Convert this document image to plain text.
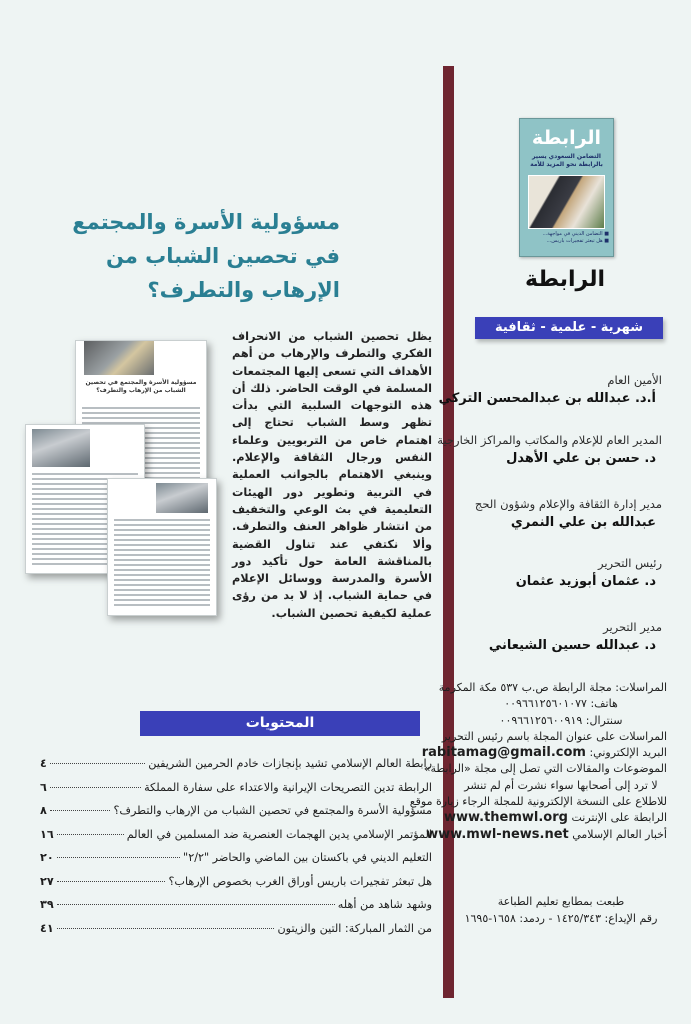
مسؤولية الأسرة والمجتمع
في تحصين الشباب من
الإرهاب والتطرف؟
يظل تحصين الشباب من الانحراف الفكري والتطرف والإرهاب من أهم الأهداف التي تسعى إليها المجتمعات المسلمة في الوقت الحاضر. ذلك أن هذه التوجهات السلبية التي بدأت تظهر وسط الشباب تحتاج إلى اهتمام خاص من التربويين وعلماء النفس ورجال الثقافة والإعلام. وينبغي الاهتمام بالجوانب العملية في التربية وتطوير دور الهيئات التعليمية في بث الوعي والتخفيف من انتشار ظواهر العنف والتطرف. وألا نكتفي عند تناول القضية بالمناقشة العامة حول تأكيد دور الأسرة والمدرسة ووسائل الإعلام في حماية الشباب. إذ لا بد من رؤى عملية لكيفية تحصين الشباب.
مسؤولية الأسرة والمجتمع في تحصين الشباب من الإرهاب والتطرف؟
المحتويات
رابطة العالم الإسلامي تشيد بإنجازات خادم الحرمين الشريفين
٤
الرابطة تدين التصريحات الإيرانية والاعتداء على سفارة المملكة
٦
مسؤولية الأسرة والمجتمع في تحصين الشباب من الإرهاب والتطرف؟
٨
المؤتمر الإسلامي يدين الهجمات العنصرية ضد المسلمين في العالم
١٦
التعليم الديني في باكستان بين الماضي والحاضر "٢/٢"
٢٠
هل تبعثر تفجيرات باريس أوراق الغرب بخصوص الإرهاب؟
٢٧
وشهد شاهد من أهله
٣٩
من الثمار المباركة: التين والزيتون
٤١
الرابطة
التضامن السعودي يسير بالرابطة نحو المزيد للأمة
■ التضامن الديني في مواجهة...
■ هل تبعثر تفجيرات باريس...
الرابطة
شهرية - علمية - ثقافية
الأمين العام
أ.د. عبدالله بن عبدالمحسن التركي
المدير العام للإعلام والمكاتب والمراكز الخارجية
د. حسن بن علي الأهدل
مدير إدارة الثقافة والإعلام وشؤون الحج
عبدالله بن علي النمري
رئيس التحرير
د. عثمان أبوزيد عثمان
مدير التحرير
د. عبدالله حسين الشيعاني
المراسلات: مجلة الرابطة ص.ب ٥٣٧ مكة المكرمة
هاتف: ٠٠٩٦٦١٢٥٦٠١٠٧٧
سنترال: ٠٠٩٦٦١٢٥٦٠٠٩١٩
المراسلات على عنوان المجلة باسم رئيس التحرير
البريد الإلكتروني: rabitamag@gmail.com
الموضوعات والمقالات التي تصل إلى مجلة «الرابطة»
لا ترد إلى أصحابها سواء نشرت أم لم تنشر
للاطلاع على النسخة الإلكترونية للمجلة الرجاء زيارة موقع
الرابطة على الإنترنت www.themwl.org
أخبار العالم الإسلامي www.mwl-news.net
طبعت بمطابع تعليم الطباعة
رقم الإيداع: ١٤٢٥/٣٤٣ - ردمد: ١٦٥٨-١٦٩٥
